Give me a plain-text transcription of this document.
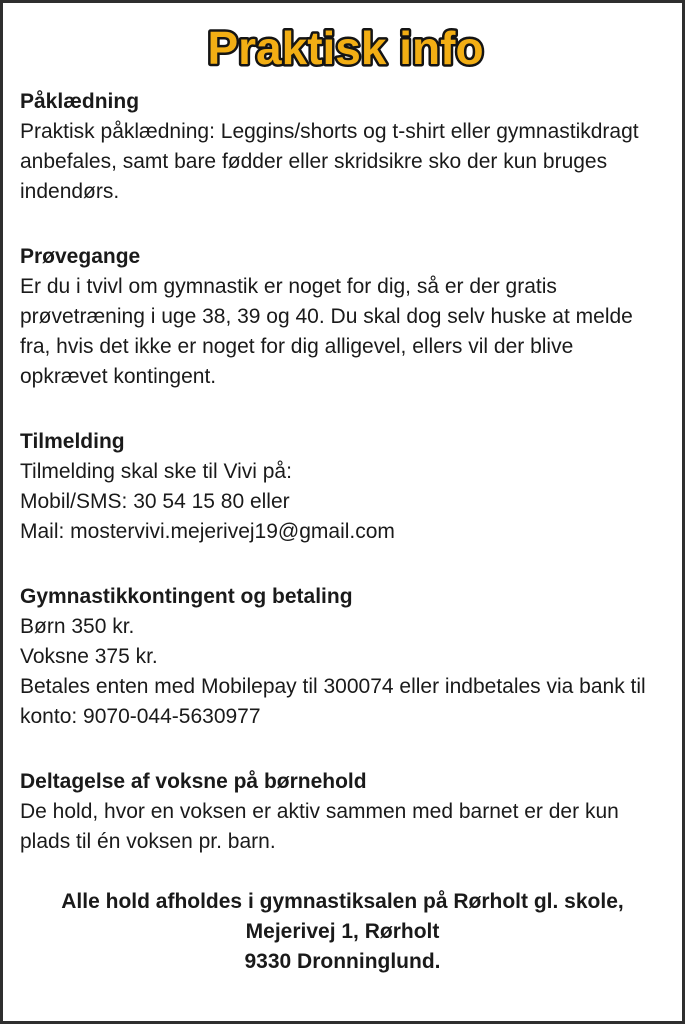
Praktisk info
Påklædning
Praktisk påklædning: Leggins/shorts og t-shirt eller gymnastikdragt
anbefales, samt bare fødder eller skridsikre sko der kun bruges
indendørs.
Prøvegange
Er du i tvivl om gymnastik er noget for dig, så er der gratis
prøvetræning i uge 38, 39 og 40. Du skal dog selv huske at melde
fra, hvis det ikke er noget for dig alligevel, ellers vil der blive
opkrævet kontingent.
Tilmelding
Tilmelding skal ske til Vivi på:
Mobil/SMS: 30 54 15 80 eller
Mail: mostervivi.mejerivej19@gmail.com
Gymnastikkontingent og betaling
Børn 350 kr.
Voksne 375 kr.
Betales enten med Mobilepay til 300074 eller indbetales via bank til
konto: 9070-044-5630977
Deltagelse af voksne på børnehold
De hold, hvor en voksen er aktiv sammen med barnet er der kun
plads til én voksen pr. barn.
Alle hold afholdes i gymnastiksalen på Rørholt gl. skole,
Mejerivej 1, Rørholt
9330 Dronninglund.
